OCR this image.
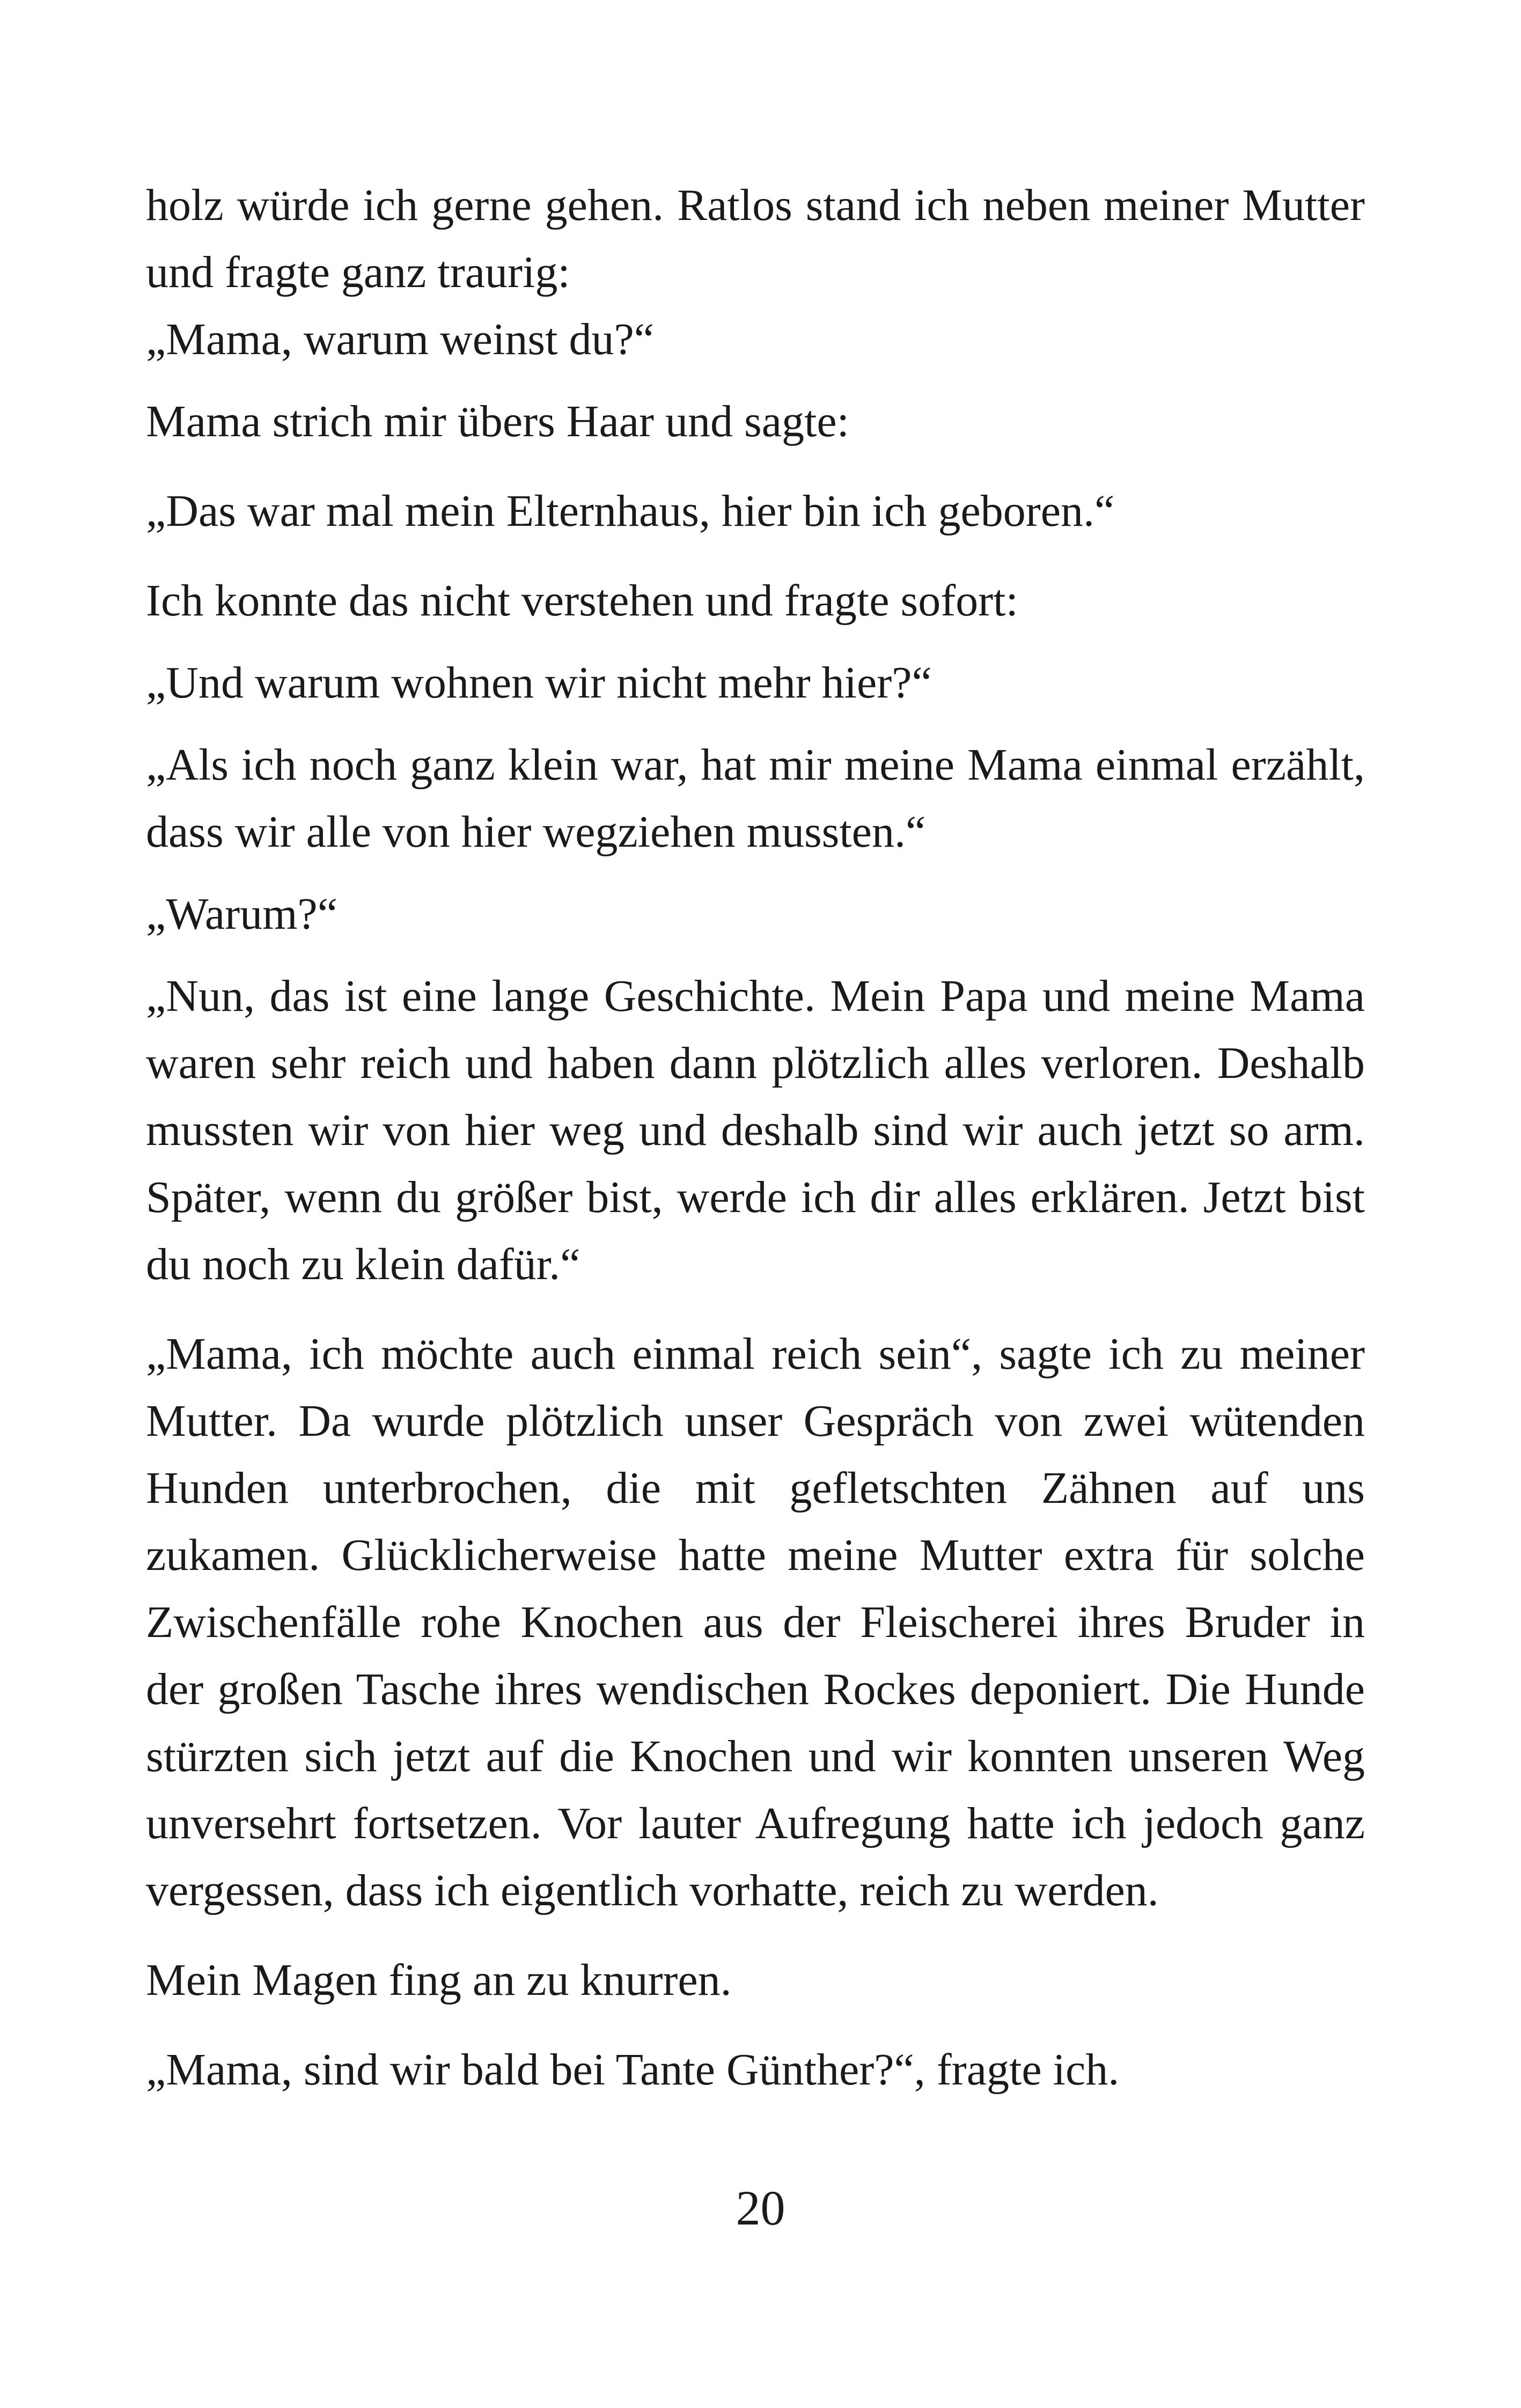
holz würde ich gerne gehen. Ratlos stand ich neben meiner Mutter und fragte ganz traurig:

„Mama, warum weinst du?“

Mama strich mir übers Haar und sagte:

„Das war mal mein Elternhaus, hier bin ich geboren.“

Ich konnte das nicht verstehen und fragte sofort:

„Und warum wohnen wir nicht mehr hier?“

„Als ich noch ganz klein war, hat mir meine Mama einmal erzählt, dass wir alle von hier wegziehen mussten.“

„Warum?“

„Nun, das ist eine lange Geschichte. Mein Papa und meine Mama waren sehr reich und haben dann plötzlich alles verloren. Deshalb mussten wir von hier weg und deshalb sind wir auch jetzt so arm. Später, wenn du größer bist, werde ich dir alles erklären. Jetzt bist du noch zu klein dafür.“

„Mama, ich möchte auch einmal reich sein“, sagte ich zu meiner Mutter. Da wurde plötzlich unser Gespräch von zwei wütenden Hunden unterbrochen, die mit gefletschten Zähnen auf uns zukamen. Glücklicherweise hatte meine Mutter extra für solche Zwischenfälle rohe Knochen aus der Fleischerei ihres Bruder in der großen Tasche ihres wendischen Rockes deponiert. Die Hunde stürzten sich jetzt auf die Knochen und wir konnten unseren Weg unversehrt fortsetzen. Vor lauter Aufregung hatte ich jedoch ganz vergessen, dass ich eigentlich vorhatte, reich zu werden.

Mein Magen fing an zu knurren.

„Mama, sind wir bald bei Tante Günther?“, fragte ich.

20
